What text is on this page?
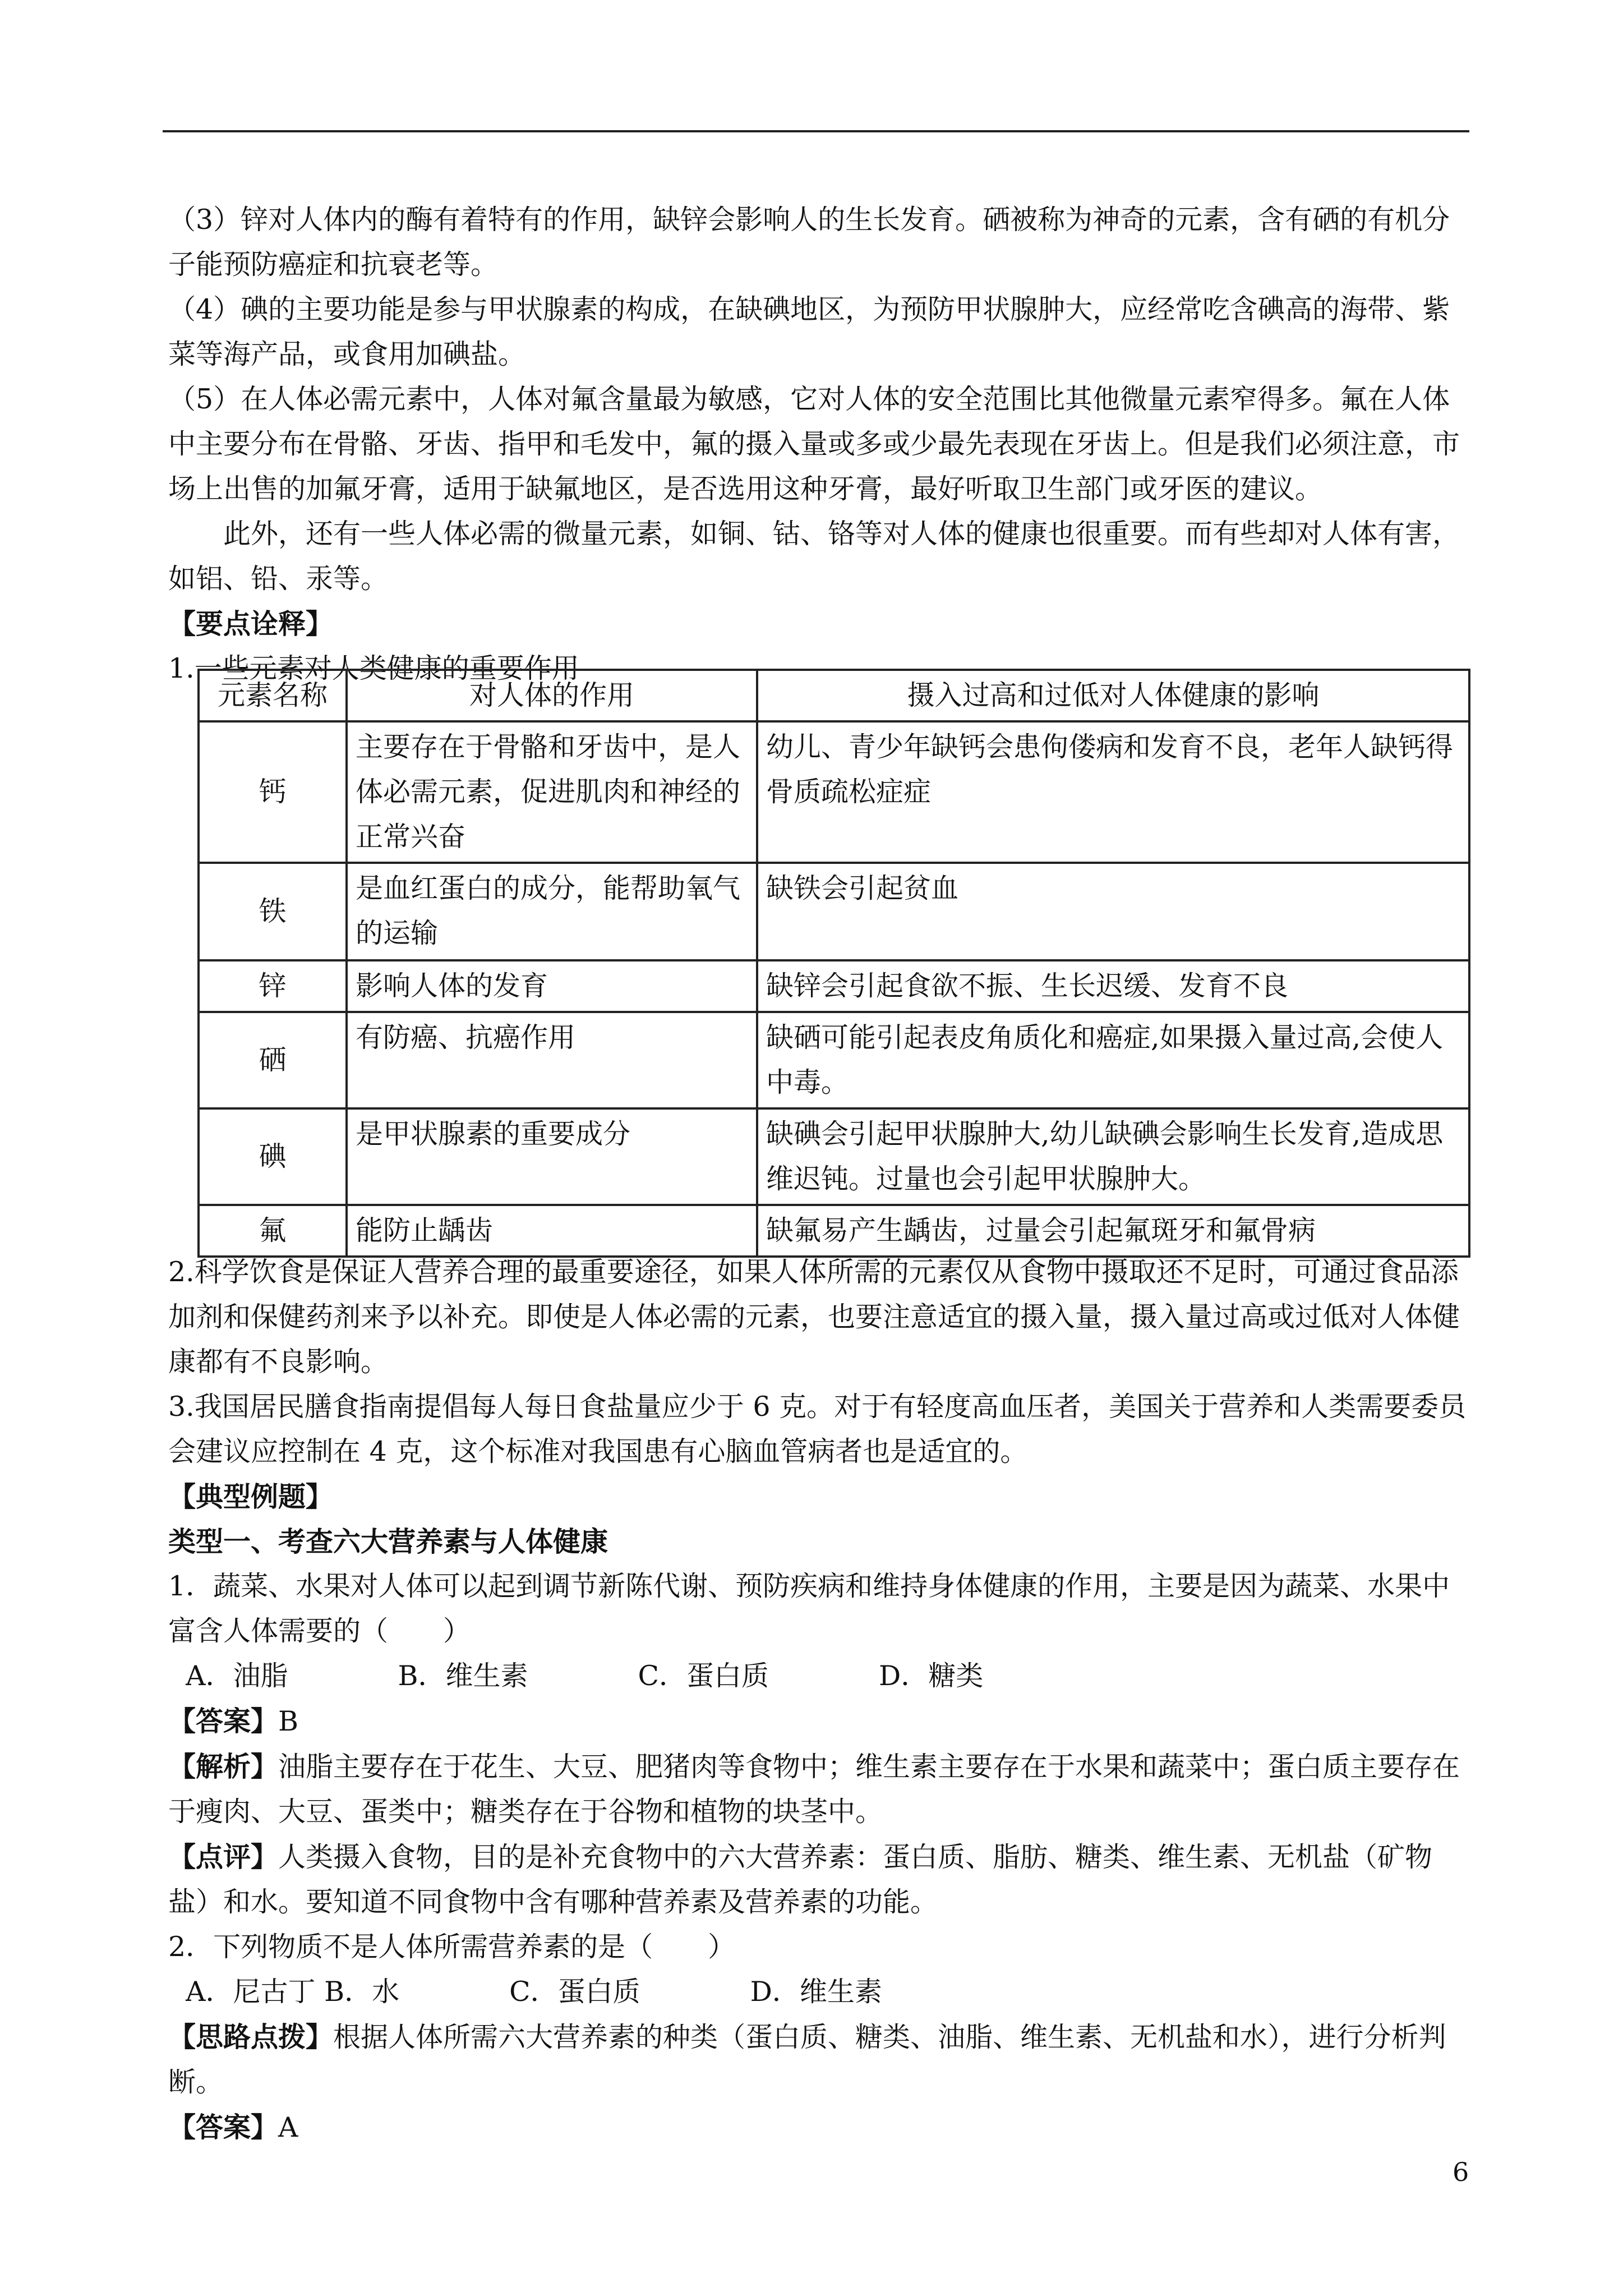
（3）锌对人体内的酶有着特有的作用，缺锌会影响人的生长发育。硒被称为神奇的元素，含有硒的有机分子能预防癌症和抗衰老等。

（4）碘的主要功能是参与甲状腺素的构成，在缺碘地区，为预防甲状腺肿大，应经常吃含碘高的海带、紫菜等海产品，或食用加碘盐。

（5）在人体必需元素中，人体对氟含量最为敏感，它对人体的安全范围比其他微量元素窄得多。氟在人体中主要分布在骨骼、牙齿、指甲和毛发中，氟的摄入量或多或少最先表现在牙齿上。但是我们必须注意，市场上出售的加氟牙膏，适用于缺氟地区，是否选用这种牙膏，最好听取卫生部门或牙医的建议。

此外，还有一些人体必需的微量元素，如铜、钴、铬等对人体的健康也很重要。而有些却对人体有害，如铝、铅、汞等。

【要点诠释】

1.一些元素对人类健康的重要作用

元素名称	对人体的作用	摄入过高和过低对人体健康的影响
钙	主要存在于骨骼和牙齿中，是人体必需元素，促进肌肉和神经的正常兴奋	幼儿、青少年缺钙会患佝偻病和发育不良，老年人缺钙得骨质疏松症症
铁	是血红蛋白的成分，能帮助氧气的运输	缺铁会引起贫血
锌	影响人体的发育	缺锌会引起食欲不振、生长迟缓、发育不良
硒	有防癌、抗癌作用	缺硒可能引起表皮角质化和癌症,如果摄入量过高,会使人中毒。
碘	是甲状腺素的重要成分	缺碘会引起甲状腺肿大,幼儿缺碘会影响生长发育,造成思维迟钝。过量也会引起甲状腺肿大。
氟	能防止龋齿	缺氟易产生龋齿，过量会引起氟斑牙和氟骨病

2.科学饮食是保证人营养合理的最重要途径，如果人体所需的元素仅从食物中摄取还不足时，可通过食品添加剂和保健药剂来予以补充。即使是人体必需的元素，也要注意适宜的摄入量，摄入量过高或过低对人体健康都有不良影响。

3.我国居民膳食指南提倡每人每日食盐量应少于 6 克。对于有轻度高血压者，美国关于营养和人类需要委员会建议应控制在 4 克，这个标准对我国患有心脑血管病者也是适宜的。

【典型例题】

类型一、考查六大营养素与人体健康

1．蔬菜、水果对人体可以起到调节新陈代谢、预防疾病和维持身体健康的作用，主要是因为蔬菜、水果中富含人体需要的（　　）

A．油脂　　　　B．维生素　　　　C．蛋白质　　　　D．糖类

【答案】B

【解析】油脂主要存在于花生、大豆、肥猪肉等食物中；维生素主要存在于水果和蔬菜中；蛋白质主要存在于瘦肉、大豆、蛋类中；糖类存在于谷物和植物的块茎中。

【点评】人类摄入食物，目的是补充食物中的六大营养素：蛋白质、脂肪、糖类、维生素、无机盐（矿物盐）和水。要知道不同食物中含有哪种营养素及营养素的功能。

2．下列物质不是人体所需营养素的是（　　）

A．尼古丁 B．水　　　　C．蛋白质　　　　D．维生素

【思路点拨】根据人体所需六大营养素的种类（蛋白质、糖类、油脂、维生素、无机盐和水），进行分析判断。

【答案】A

6
